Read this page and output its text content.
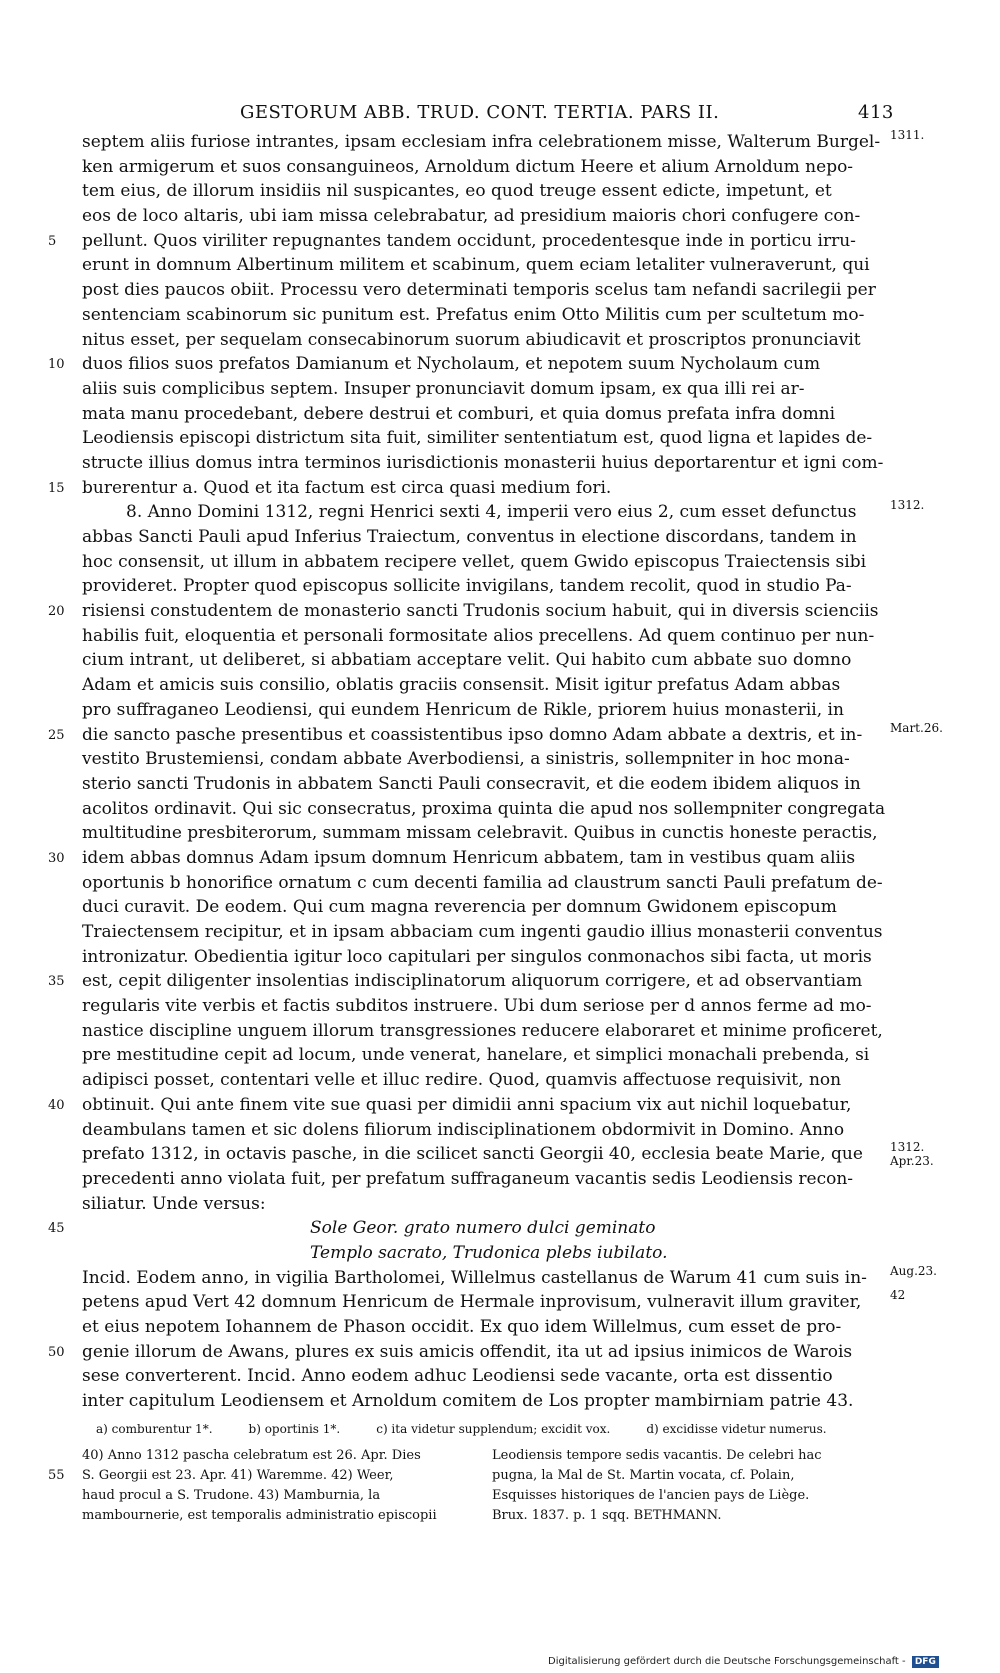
GESTORUM ABB. TRUD. CONT. TERTIA. PARS II.	413
septem aliis furiose intrantes, ipsam ecclesiam infra celebrationem misse, Walterum Burgel- 1311.
ken armigerum et suos consanguineos, Arnoldum dictum Heere et alium Arnoldum nepo-
tem eius, de illorum insidiis nil suspicantes, eo quod treuge essent edicte, impetunt, et
eos de loco altaris, ubi iam missa celebrabatur, ad presidium maioris chori confugere con-
5	pellunt. Quos viriliter repugnantes tandem occidunt, procedentesque inde in porticu irru-
erunt in domnum Albertinum militem et scabinum, quem eciam letaliter vulneraverunt, qui
post dies paucos obiit. Processu vero determinati temporis scelus tam nefandi sacrilegii per
sentenciam scabinorum sic punitum est. Prefatus enim Otto Militis cum per scultetum mo-
nitus esset, per sequelam consecabinorum suorum abiudicavit et proscriptos pronunciavit
10	duos filios suos prefatos Damianum et Nycholaum, et nepotem suum Nycholaum cum
aliis suis complicibus septem. Insuper pronunciavit domum ipsam, ex qua illi rei ar-
mata manu procedebant, debere destrui et comburi, et quia domus prefata infra domni
Leodiensis episcopi districtum sita fuit, similiter sententiatum est, quod ligna et lapides de-
structe illius domus intra terminos iurisdictionis monasterii huius deportarentur et igni com-
15	burerentur a. Quod et ita factum est circa quasi medium fori.
8. Anno Domini 1312, regni Henrici sexti 4, imperii vero eius 2, cum esset defunctus	1312.
abbas Sancti Pauli apud Inferius Traiectum, conventus in electione discordans, tandem in
hoc consensit, ut illum in abbatem recipere vellet, quem Gwido episcopus Traiectensis sibi
provideret. Propter quod episcopus sollicite invigilans, tandem recolit, quod in studio Pa-
20	risiensi constudentem de monasterio sancti Trudonis socium habuit, qui in diversis scienciis
habilis fuit, eloquentia et personali formositate alios precellens. Ad quem continuo per nun-
cium intrant, ut deliberet, si abbatiam acceptare velit. Qui habito cum abbate suo domno
Adam et amicis suis consilio, oblatis graciis consensit. Misit igitur prefatus Adam abbas
pro suffraganeo Leodiensi, qui eundem Henricum de Rikle, priorem huius monasterii, in
25	die sancto pasche presentibus et coassistentibus ipso domno Adam abbate a dextris, et in- Mart.26.
vestito Brustemiensi, condam abbate Averbodiensi, a sinistris, sollempniter in hoc mona-
sterio sancti Trudonis in abbatem Sancti Pauli consecravit, et die eodem ibidem aliquos in
acolitos ordinavit. Qui sic consecratus, proxima quinta die apud nos sollempniter congregata
multitudine presbiterorum, summam missam celebravit. Quibus in cunctis honeste peractis,
30	idem abbas domnus Adam ipsum domnum Henricum abbatem, tam in vestibus quam aliis
oportunis b honorifice ornatum c cum decenti familia ad claustrum sancti Pauli prefatum de-
duci curavit. De eodem. Qui cum magna reverencia per domnum Gwidonem episcopum
Traiectensem recipitur, et in ipsam abbaciam cum ingenti gaudio illius monasterii conventus
intronizatur. Obedientia igitur loco capitulari per singulos conmonachos sibi facta, ut moris
35	est, cepit diligenter insolentias indisciplinatorum aliquorum corrigere, et ad observantiam
regularis vite verbis et factis subditos instruere. Ubi dum seriose per d annos ferme ad mo-
nastice discipline unguem illorum transgressiones reducere elaboraret et minime proficeret,
pre mestitudine cepit ad locum, unde venerat, hanelare, et simplici monachali prebenda, si
adipisci posset, contentari velle et illuc redire. Quod, quamvis affectuose requisivit, non
40	obtinuit. Qui ante finem vite sue quasi per dimidii anni spacium vix aut nichil loquebatur,
deambulans tamen et sic dolens filiorum indisciplinationem obdormivit in Domino. Anno
prefato 1312, in octavis pasche, in die scilicet sancti Georgii 40, ecclesia beate Marie, que 1312.
Apr.23.
precedenti anno violata fuit, per prefatum suffraganeum vacantis sedis Leodiensis recon-
siliatur. Unde versus:
45	Sole Geor. grato numero dulci geminato
Templo sacrato, Trudonica plebs iubilato.
Incid. Eodem anno, in vigilia Bartholomei, Willelmus castellanus de Warum 41 cum suis in- Aug.23.
petens apud Vert 42 domnum Henricum de Hermale inprovisum, vulneravit illum graviter, 42
et eius nepotem Iohannem de Phason occidit. Ex quo idem Willelmus, cum esset de pro-
50	genie illorum de Awans, plures ex suis amicis offendit, ita ut ad ipsius inimicos de Warois
sese converterent. Incid. Anno eodem adhuc Leodiensi sede vacante, orta est dissentio
inter capitulum Leodiensem et Arnoldum comitem de Los propter mambirniam patrie 43.
a) comburentur 1*.	b) oportinis 1*.	c) ita videtur supplendum; excidit vox.	d) excidisse videtur numerus.
40) Anno 1312 pascha celebratum est 26. Apr. Dies	Leodiensis tempore sedis vacantis. De celebri hac
55	S. Georgii est 23. Apr. 41) Waremme. 42) Weer,	pugna, la Mal de St. Martin vocata, cf. Polain,
haud procul a S. Trudone. 43) Mamburnia, la	Esquisses historiques de l'ancien pays de Liège.
mambournerie, est temporalis administratio episcopii	Brux. 1837. p. 1 sqq. BETHMANN.
Digitalisierung gefördert durch die Deutsche Forschungsgemeinschaft - DFG
